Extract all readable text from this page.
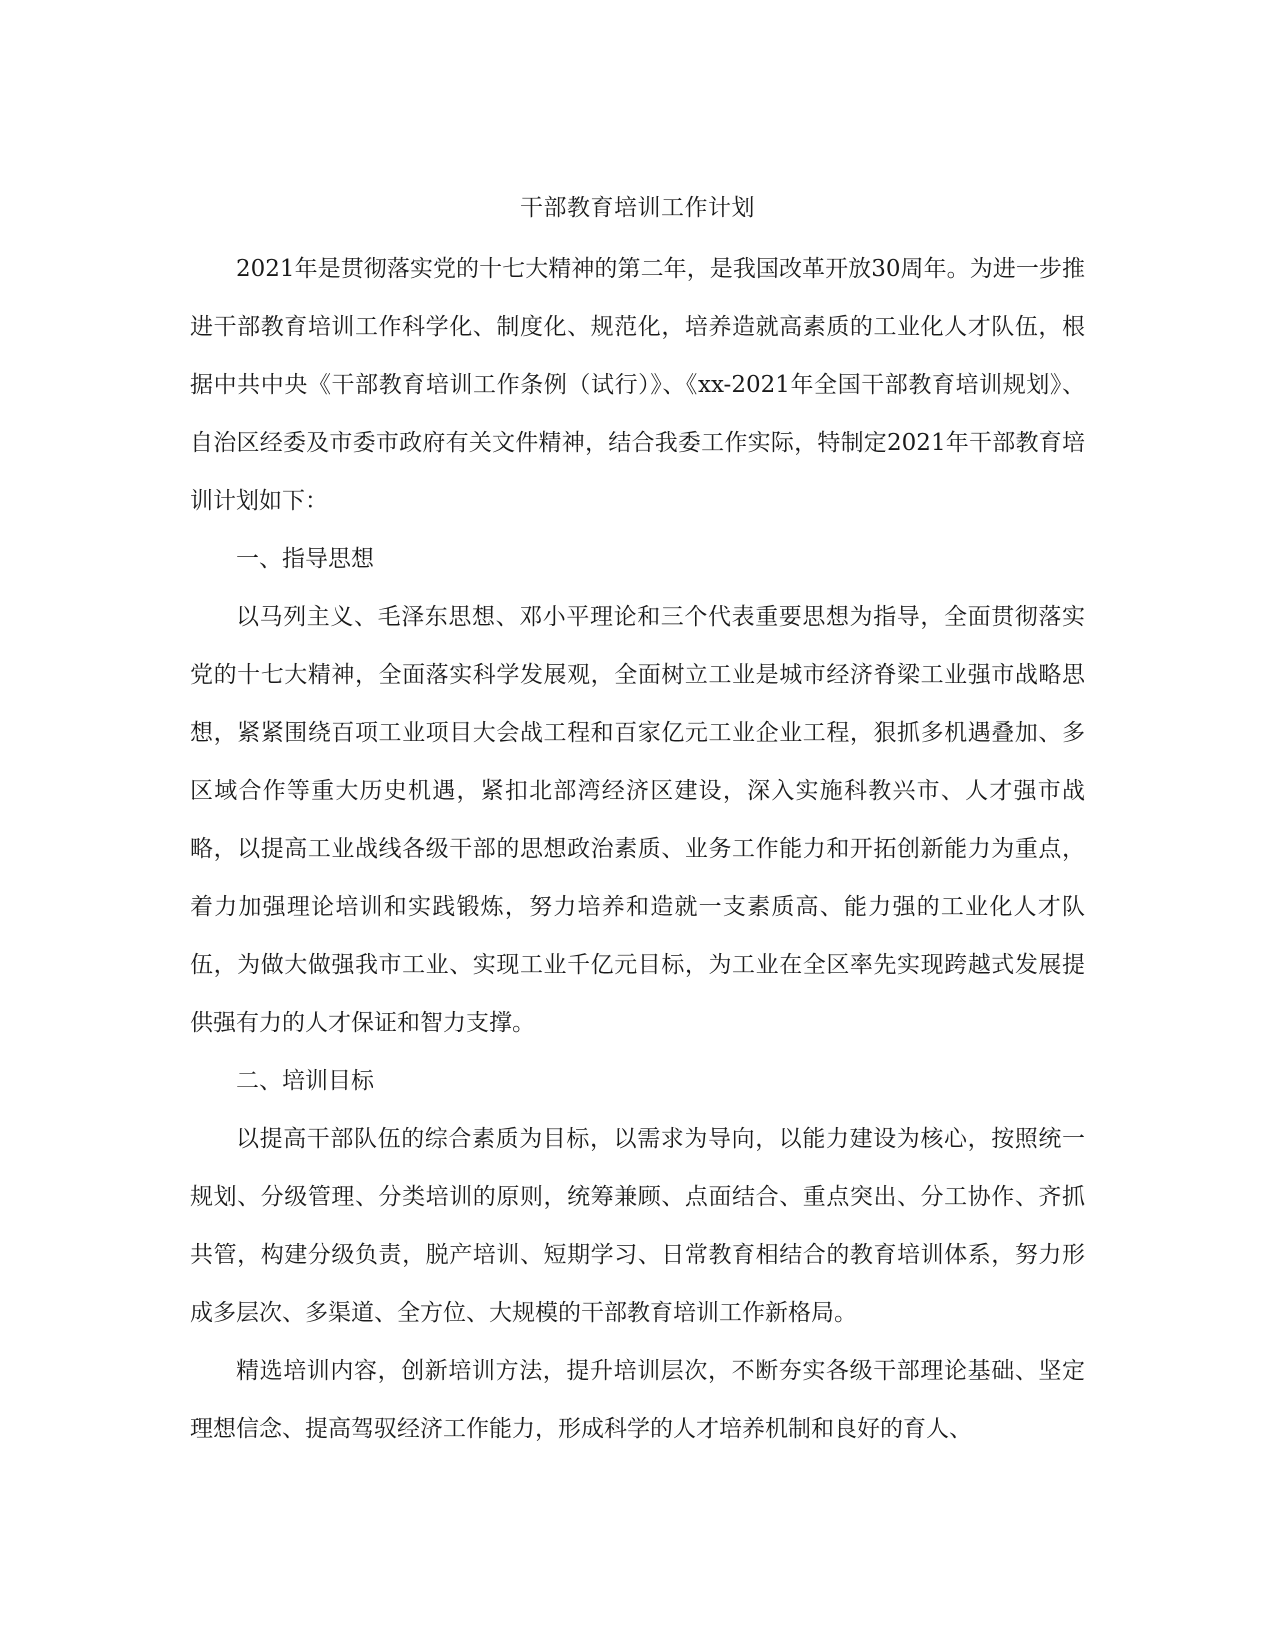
干部教育培训工作计划

2021年是贯彻落实党的十七大精神的第二年，是我国改革开放30周年。为进一步推进干部教育培训工作科学化、制度化、规范化，培养造就高素质的工业化人才队伍，根据中共中央《干部教育培训工作条例（试行）》、《xx-2021年全国干部教育培训规划》、自治区经委及市委市政府有关文件精神，结合我委工作实际，特制定2021年干部教育培训计划如下：

一、指导思想

以马列主义、毛泽东思想、邓小平理论和三个代表重要思想为指导，全面贯彻落实党的十七大精神，全面落实科学发展观，全面树立工业是城市经济脊梁工业强市战略思想，紧紧围绕百项工业项目大会战工程和百家亿元工业企业工程，狠抓多机遇叠加、多区域合作等重大历史机遇，紧扣北部湾经济区建设，深入实施科教兴市、人才强市战略，以提高工业战线各级干部的思想政治素质、业务工作能力和开拓创新能力为重点，着力加强理论培训和实践锻炼，努力培养和造就一支素质高、能力强的工业化人才队伍，为做大做强我市工业、实现工业千亿元目标，为工业在全区率先实现跨越式发展提供强有力的人才保证和智力支撑。

二、培训目标

以提高干部队伍的综合素质为目标，以需求为导向，以能力建设为核心，按照统一规划、分级管理、分类培训的原则，统筹兼顾、点面结合、重点突出、分工协作、齐抓共管，构建分级负责，脱产培训、短期学习、日常教育相结合的教育培训体系，努力形成多层次、多渠道、全方位、大规模的干部教育培训工作新格局。

精选培训内容，创新培训方法，提升培训层次，不断夯实各级干部理论基础、坚定理想信念、提高驾驭经济工作能力，形成科学的人才培养机制和良好的育人、
